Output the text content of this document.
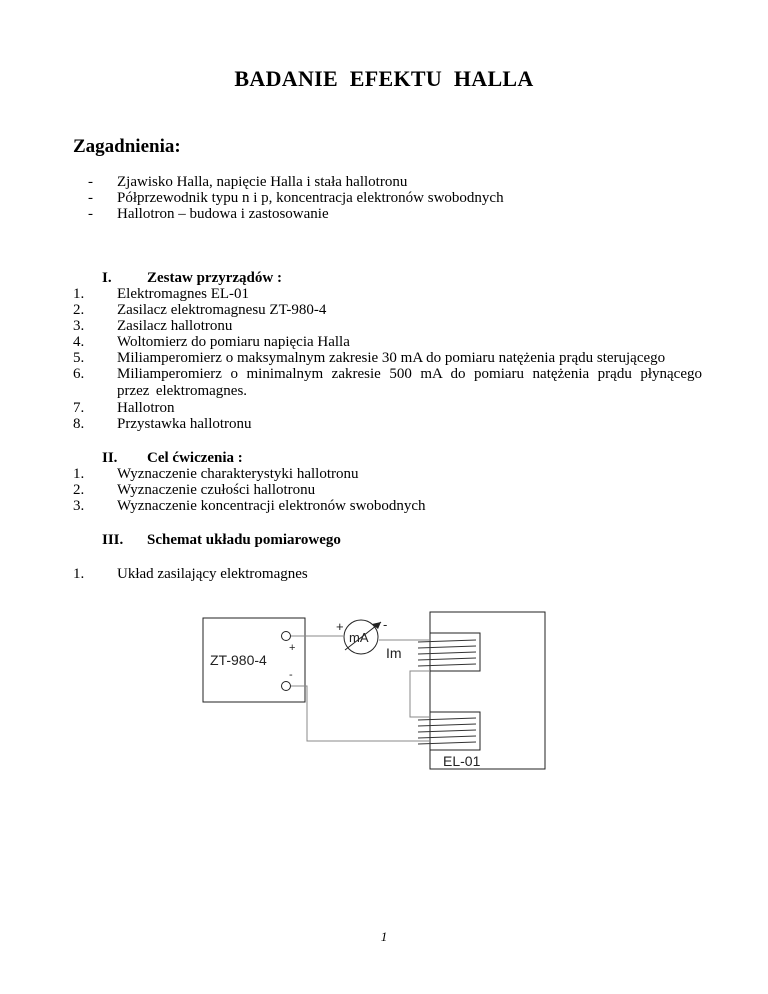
BADANIE EFEKTU HALLA
Zagadnienia:
- Zjawisko Halla, napięcie Halla i stała hallotronu
- Półprzewodnik typu n i p, koncentracja elektronów swobodnych
- Hallotron – budowa i zastosowanie
I. Zestaw przyrządów :
1. Elektromagnes EL-01
2. Zasilacz elektromagnesu ZT-980-4
3. Zasilacz hallotronu
4. Woltomierz do pomiaru napięcia Halla
5. Miliamperomierz o maksymalnym zakresie 30 mA do pomiaru natężenia prądu sterującego
6. Miliamperomierz o minimalnym zakresie 500 mA do pomiaru natężenia prądu płynącego przez elektromagnes.
7. Hallotron
8. Przystawka hallotronu
II. Cel ćwiczenia :
1. Wyznaczenie charakterystyki hallotronu
2. Wyznaczenie czułości hallotronu
3. Wyznaczenie koncentracji elektronów swobodnych
III. Schemat układu pomiarowego
1. Układ zasilający elektromagnes
ZT-980-4
+
-
+	-
mA
Im
EL-01
1
